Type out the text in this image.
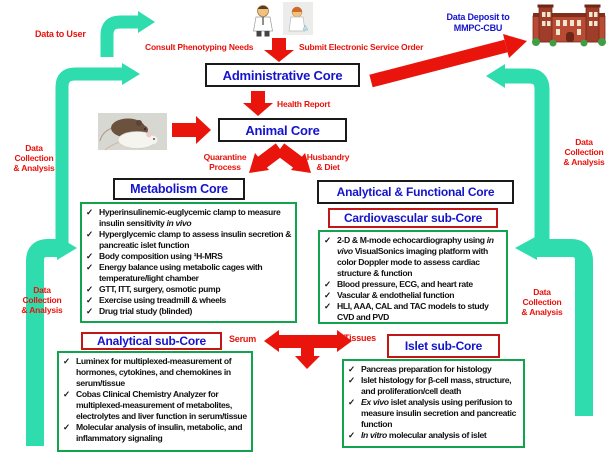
Data to User
Consult Phenotyping Needs	Submit Electronic Service Order
Data Deposit to
MMPC-CBU
Health Report
Quarantine
Process
Husbandry
& Diet
Serum	Tissues
Data
Collection
& Analysis
Data
Collection
& Analysis
Data
Collection
& Analysis
Data
Collection
& Analysis
Administrative Core
Animal Core
Metabolism Core	Analytical & Functional Core
Cardiovascular sub-Core
Analytical sub-Core	Islet sub-Core
✓ Hyperinsulinemic-euglycemic clamp to measure insulin sensitivity in vivo
✓ Hyperglycemic clamp to assess insulin secretion & pancreatic islet function
✓ Body composition using ¹H-MRS
✓ Energy balance using metabolic cages with temperature/light chamber
✓ GTT, ITT, surgery, osmotic pump
✓ Exercise using treadmill & wheels
✓ Drug trial study (blinded)
✓ 2-D & M-mode echocardiography using in vivo VisualSonics imaging platform with color Doppler mode to assess cardiac structure & function
✓ Blood pressure, ECG, and heart rate
✓ Vascular & endothelial function
✓ HLI, AAA, CAL and TAC models to study CVD and PVD
✓ Luminex for multiplexed-measurement of hormones, cytokines, and chemokines in serum/tissue
✓ Cobas Clinical Chemistry Analyzer for multiplexed-measurement of metabolites, electrolytes and liver function in serum/tissue
✓ Molecular analysis of insulin, metabolic, and inflammatory signaling
✓ Pancreas preparation for histology
✓ Islet histology for β-cell mass, structure, and proliferation/cell death
✓ Ex vivo islet analysis using perifusion to measure insulin secretion and pancreatic function
✓ In vitro molecular analysis of islet
